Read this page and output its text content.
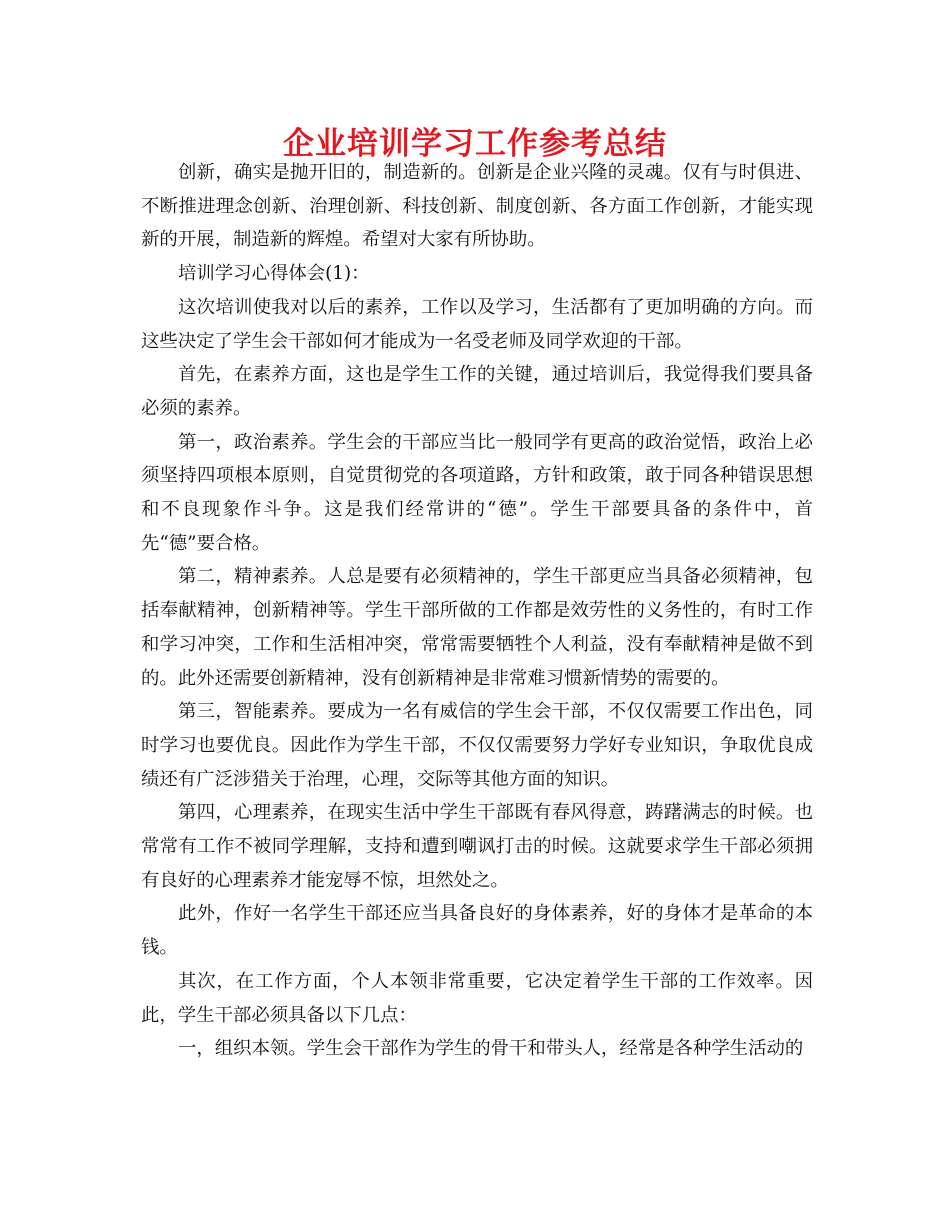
企业培训学习工作参考总结

创新，确实是抛开旧的，制造新的。创新是企业兴隆的灵魂。仅有与时俱进、不断推进理念创新、治理创新、科技创新、制度创新、各方面工作创新，才能实现新的开展，制造新的辉煌。希望对大家有所协助。

培训学习心得体会(1)：

这次培训使我对以后的素养，工作以及学习，生活都有了更加明确的方向。而这些决定了学生会干部如何才能成为一名受老师及同学欢迎的干部。

首先，在素养方面，这也是学生工作的关键，通过培训后，我觉得我们要具备必须的素养。

第一，政治素养。学生会的干部应当比一般同学有更高的政治觉悟，政治上必须坚持四项根本原则，自觉贯彻党的各项道路，方针和政策，敢于同各种错误思想和不良现象作斗争。这是我们经常讲的“德”。学生干部要具备的条件中，首先“德”要合格。

第二，精神素养。人总是要有必须精神的，学生干部更应当具备必须精神，包括奉献精神，创新精神等。学生干部所做的工作都是效劳性的义务性的，有时工作和学习冲突，工作和生活相冲突，常常需要牺牲个人利益，没有奉献精神是做不到的。此外还需要创新精神，没有创新精神是非常难习惯新情势的需要的。

第三，智能素养。要成为一名有威信的学生会干部，不仅仅需要工作出色，同时学习也要优良。因此作为学生干部，不仅仅需要努力学好专业知识，争取优良成绩还有广泛涉猎关于治理，心理，交际等其他方面的知识。

第四，心理素养，在现实生活中学生干部既有春风得意，踌躇满志的时候。也常常有工作不被同学理解，支持和遭到嘲讽打击的时候。这就要求学生干部必须拥有良好的心理素养才能宠辱不惊，坦然处之。

此外，作好一名学生干部还应当具备良好的身体素养，好的身体才是革命的本钱。

其次，在工作方面，个人本领非常重要，它决定着学生干部的工作效率。因此，学生干部必须具备以下几点：

一，组织本领。学生会干部作为学生的骨干和带头人，经常是各种学生活动的
